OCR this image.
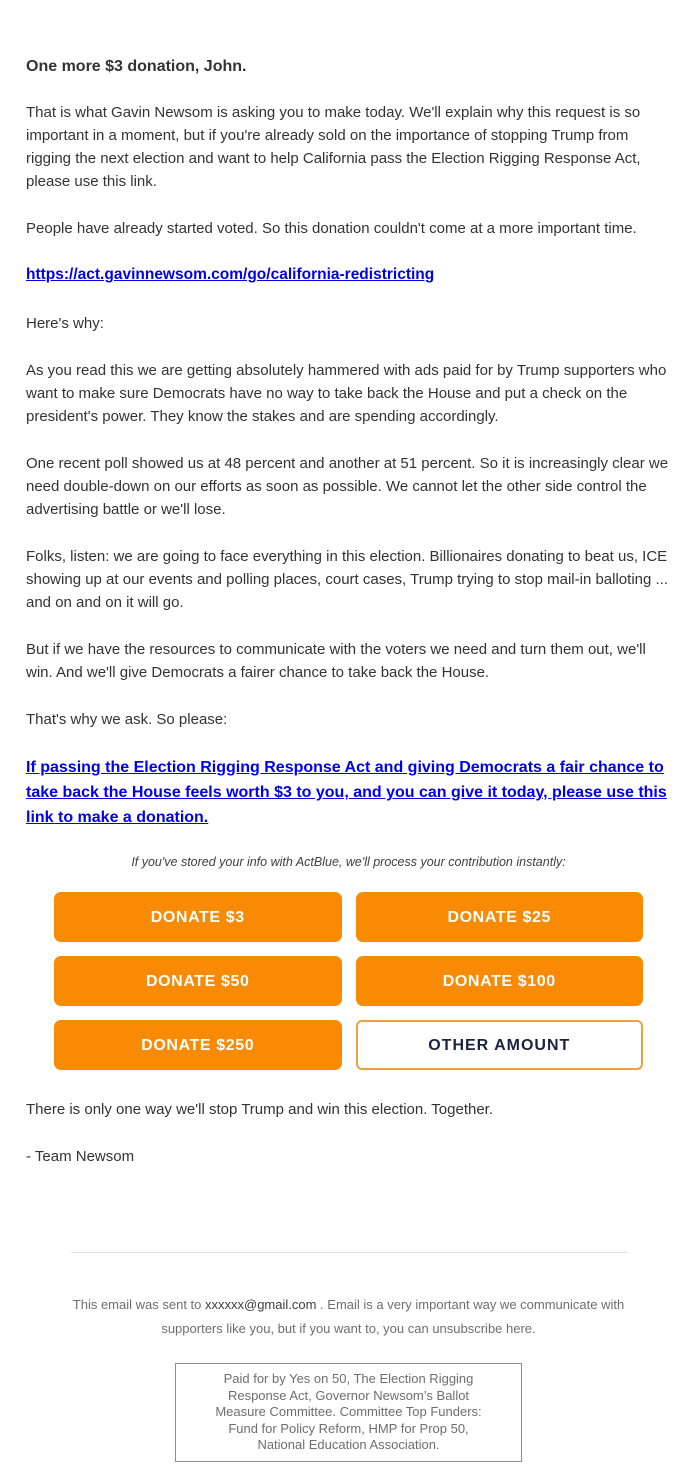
One more $3 donation, John.

That is what Gavin Newsom is asking you to make today. We'll explain why this request is so important in a moment, but if you're already sold on the importance of stopping Trump from rigging the next election and want to help California pass the Election Rigging Response Act, please use this link.

People have already started voted. So this donation couldn't come at a more important time.

https://act.gavinnewsom.com/go/california-redistricting

Here's why:

As you read this we are getting absolutely hammered with ads paid for by Trump supporters who want to make sure Democrats have no way to take back the House and put a check on the president's power. They know the stakes and are spending accordingly.

One recent poll showed us at 48 percent and another at 51 percent. So it is increasingly clear we need double-down on our efforts as soon as possible. We cannot let the other side control the advertising battle or we'll lose.

Folks, listen: we are going to face everything in this election. Billionaires donating to beat us, ICE showing up at our events and polling places, court cases, Trump trying to stop mail-in balloting ... and on and on it will go.

But if we have the resources to communicate with the voters we need and turn them out, we'll win. And we'll give Democrats a fairer chance to take back the House.

That's why we ask. So please:

If passing the Election Rigging Response Act and giving Democrats a fair chance to take back the House feels worth $3 to you, and you can give it today, please use this link to make a donation.

If you've stored your info with ActBlue, we'll process your contribution instantly:

DONATE $3	DONATE $25
DONATE $50	DONATE $100
DONATE $250	OTHER AMOUNT

There is only one way we'll stop Trump and win this election. Together.

- Team Newsom

This email was sent to xxxxxx@gmail.com . Email is a very important way we communicate with supporters like you, but if you want to, you can unsubscribe here.
Paid for by Yes on 50, The Election Rigging Response Act, Governor Newsom’s Ballot Measure Committee. Committee Top Funders: Fund for Policy Reform, HMP for Prop 50, National Education Association.
